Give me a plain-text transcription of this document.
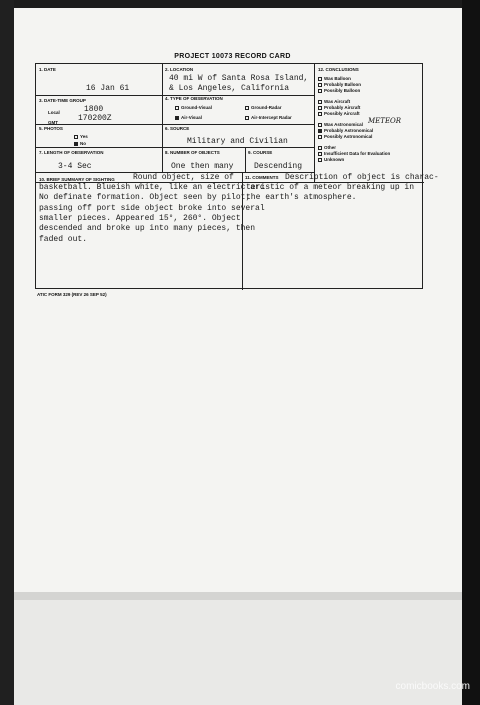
PROJECT 10073 RECORD CARD
1. DATE
16 Jan 61
2. LOCATION
40 mi W of Santa Rosa Island,
& Los Angeles, California
3. DATE-TIME GROUP
Local	1800
GMT	170200Z
4. TYPE OF OBSERVATION
Ground-Visual	Ground-Radar
Air-Visual	Air-Intercept Radar
5. PHOTOS
Yes
No
6. SOURCE
Military and Civilian
7. LENGTH OF OBSERVATION
3-4 Sec
8. NUMBER OF OBJECTS
One then many
9. COURSE
Descending
10. BRIEF SUMMARY OF SIGHTING Round object, size of
basketball. Blueish white, like an electric arc
No definate formation. Object seen by pilot;
passing off port side object broke into several
smaller pieces. Appeared 15°, 260°. Object
descended and broke up into many pieces, then
faded out.
11. COMMENTS Description of object is charac-
teristic of a meteor breaking up in
the earth's atmosphere.
12. CONCLUSIONS
Was Balloon
Probably Balloon
Possibly Balloon
Was Aircraft
Probably Aircraft
Possibly Aircraft
Was Astronomical METEOR
Probably Astronomical
Possibly Astronomical
Other
Insufficient Data for Evaluation
Unknown
ATIC FORM 329 (REV 26 SEP 52)
comicbooks.com
